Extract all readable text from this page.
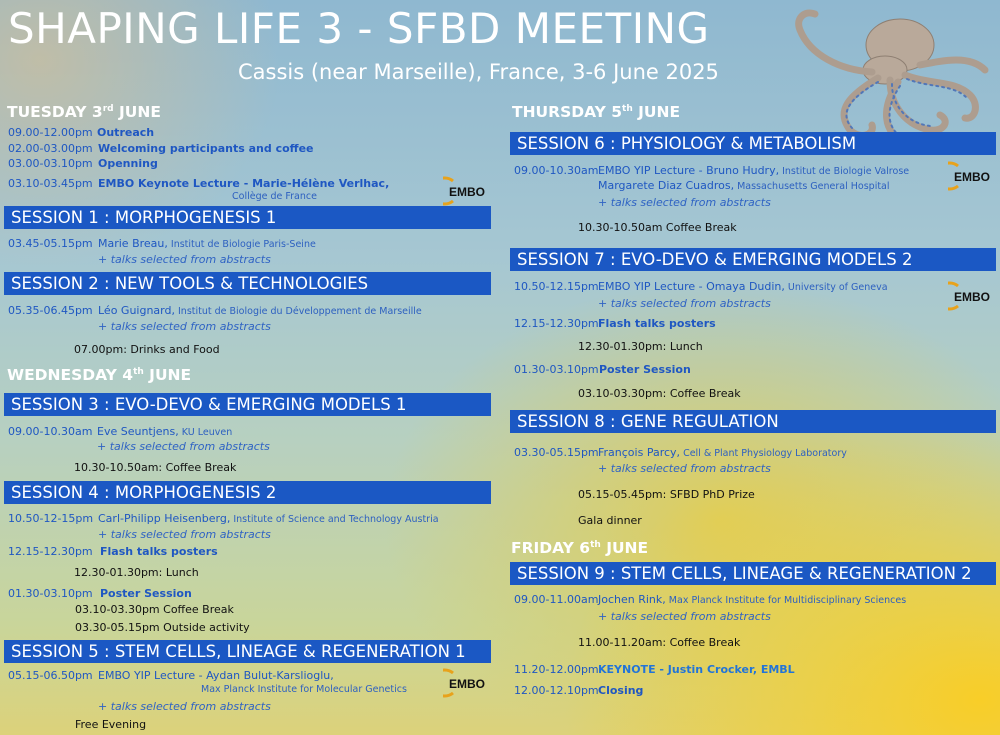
SHAPING LIFE 3 - SFBD MEETING
Cassis (near Marseille), France, 3-6 June 2025
TUESDAY 3rd JUNE
09.00-12.00pm Outreach
02.00-03.00pm Welcoming participants and coffee
03.00-03.10pm Openning
03.10-03.45pm EMBO Keynote Lecture - Marie-Hélène Verlhac,
Collège de France	EMBO
SESSION 1 : MORPHOGENESIS 1
03.45-05.15pm Marie Breau, Institut de Biologie Paris-Seine
+ talks selected from abstracts
SESSION 2 : NEW TOOLS & TECHNOLOGIES
05.35-06.45pm Léo Guignard, Institut de Biologie du Développement de Marseille
+ talks selected from abstracts
07.00pm: Drinks and Food
WEDNESDAY 4th JUNE
SESSION 3 : EVO-DEVO & EMERGING MODELS 1
09.00-10.30am Eve Seuntjens, KU Leuven
+ talks selected from abstracts
10.30-10.50am: Coffee Break
SESSION 4 : MORPHOGENESIS 2
10.50-12-15pm Carl-Philipp Heisenberg, Institute of Science and Technology Austria
+ talks selected from abstracts
12.15-12.30pm Flash talks posters
12.30-01.30pm: Lunch
01.30-03.10pm Poster Session
03.10-03.30pm Coffee Break
03.30-05.15pm Outside activity
SESSION 5 : STEM CELLS, LINEAGE & REGENERATION 1
05.15-06.50pm EMBO YIP Lecture - Aydan Bulut-Karslioglu,
Max Planck Institute for Molecular Genetics
+ talks selected from abstracts
Free Evening
EMBO
THURSDAY 5th JUNE
SESSION 6 : PHYSIOLOGY & METABOLISM
09.00-10.30am EMBO YIP Lecture - Bruno Hudry, Institut de Biologie Valrose
Margarete Diaz Cuadros, Massachusetts General Hospital
+ talks selected from abstracts
10.30-10.50am Coffee Break
EMBO
SESSION 7 : EVO-DEVO & EMERGING MODELS 2
10.50-12.15pm EMBO YIP Lecture - Omaya Dudin, University of Geneva
+ talks selected from abstracts	EMBO
12.15-12.30pm Flash talks posters
12.30-01.30pm: Lunch
01.30-03.10pm Poster Session
03.10-03.30pm: Coffee Break
SESSION 8 : GENE REGULATION
03.30-05.15pm François Parcy, Cell & Plant Physiology Laboratory
+ talks selected from abstracts
05.15-05.45pm: SFBD PhD Prize
Gala dinner
FRIDAY 6th JUNE
SESSION 9 : STEM CELLS, LINEAGE & REGENERATION 2
09.00-11.00am Jochen Rink, Max Planck Institute for Multidisciplinary Sciences
+ talks selected from abstracts
11.00-11.20am: Coffee Break
11.20-12.00pm KEYNOTE - Justin Crocker, EMBL
12.00-12.10pm Closing
